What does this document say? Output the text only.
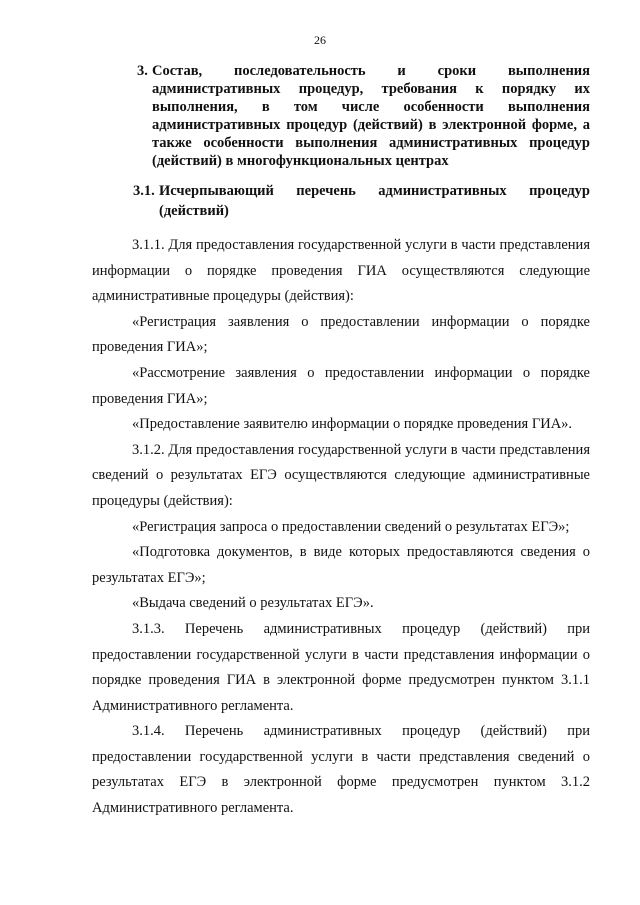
26
3. Состав, последовательность и сроки выполнения административных процедур, требования к порядку их выполнения, в том числе особенности выполнения административных процедур (действий) в электронной форме, а также особенности выполнения административных процедур (действий) в многофункциональных центрах
3.1. Исчерпывающий перечень административных процедур (действий)

3.1.1. Для предоставления государственной услуги в части представления информации о порядке проведения ГИА осуществляются следующие административные процедуры (действия):

«Регистрация заявления о предоставлении информации о порядке проведения ГИА»;

«Рассмотрение заявления о предоставлении информации о порядке проведения ГИА»;

«Предоставление заявителю информации о порядке проведения ГИА».

3.1.2. Для предоставления государственной услуги в части представления сведений о результатах ЕГЭ осуществляются следующие административные процедуры (действия):

«Регистрация запроса о предоставлении сведений о результатах ЕГЭ»;

«Подготовка документов, в виде которых предоставляются сведения о результатах ЕГЭ»;

«Выдача сведений о результатах ЕГЭ».

3.1.3. Перечень административных процедур (действий) при предоставлении государственной услуги в части представления информации о порядке проведения ГИА в электронной форме предусмотрен пунктом 3.1.1 Административного регламента.

3.1.4. Перечень административных процедур (действий) при предоставлении государственной услуги в части представления сведений о результатах ЕГЭ в электронной форме предусмотрен пунктом 3.1.2 Административного регламента.
